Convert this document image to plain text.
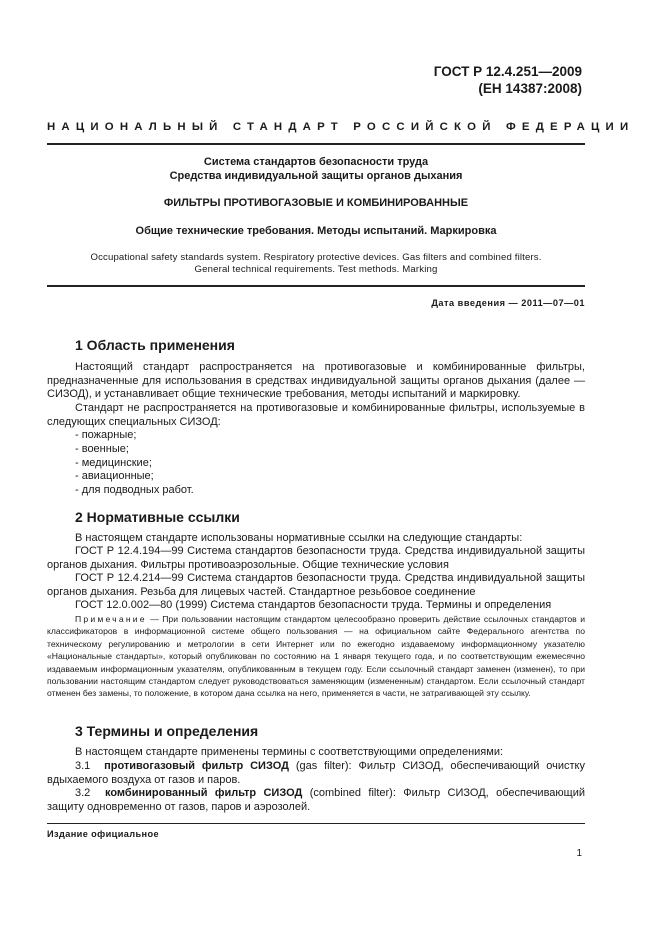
ГОСТ Р 12.4.251—2009
(ЕН 14387:2008)
НАЦИОНАЛЬНЫЙ СТАНДАРТ РОССИЙСКОЙ ФЕДЕРАЦИИ
Система стандартов безопасности труда
Средства индивидуальной защиты органов дыхания
ФИЛЬТРЫ ПРОТИВОГАЗОВЫЕ И КОМБИНИРОВАННЫЕ
Общие технические требования. Методы испытаний. Маркировка
Occupational safety standards system. Respiratory protective devices. Gas filters and combined filters.
General technical requirements. Test methods. Marking
Дата введения — 2011—07—01
1 Область применения
Настоящий стандарт распространяется на противогазовые и комбинированные фильтры, предназначенные для использования в средствах индивидуальной защиты органов дыхания (далее — СИЗОД), и устанавливает общие технические требования, методы испытаний и маркировку.
Стандарт не распространяется на противогазовые и комбинированные фильтры, используемые в следующих специальных СИЗОД:
- пожарные;
- военные;
- медицинские;
- авиационные;
- для подводных работ.
2 Нормативные ссылки
В настоящем стандарте использованы нормативные ссылки на следующие стандарты:
ГОСТ Р 12.4.194—99 Система стандартов безопасности труда. Средства индивидуальной защиты органов дыхания. Фильтры противоаэрозольные. Общие технические условия
ГОСТ Р 12.4.214—99 Система стандартов безопасности труда. Средства индивидуальной защиты органов дыхания. Резьба для лицевых частей. Стандартное резьбовое соединение
ГОСТ 12.0.002—80 (1999) Система стандартов безопасности труда. Термины и определения
Примечание — При пользовании настоящим стандартом целесообразно проверить действие ссылочных стандартов и классификаторов в информационной системе общего пользования — на официальном сайте Федерального агентства по техническому регулированию и метрологии в сети Интернет или по ежегодно издаваемому информационному указателю «Национальные стандарты», который опубликован по состоянию на 1 января текущего года, и по соответствующим ежемесячно издаваемым информационным указателям, опубликованным в текущем году. Если ссылочный стандарт заменен (изменен), то при пользовании настоящим стандартом следует руководствоваться заменяющим (измененным) стандартом. Если ссылочный стандарт отменен без замены, то положение, в котором дана ссылка на него, применяется в части, не затрагивающей эту ссылку.
3 Термины и определения
В настоящем стандарте применены термины с соответствующими определениями:
3.1 противогазовый фильтр СИЗОД (gas filter): Фильтр СИЗОД, обеспечивающий очистку вдыхаемого воздуха от газов и паров.
3.2 комбинированный фильтр СИЗОД (combined filter): Фильтр СИЗОД, обеспечивающий защиту одновременно от газов, паров и аэрозолей.
Издание официальное
1
